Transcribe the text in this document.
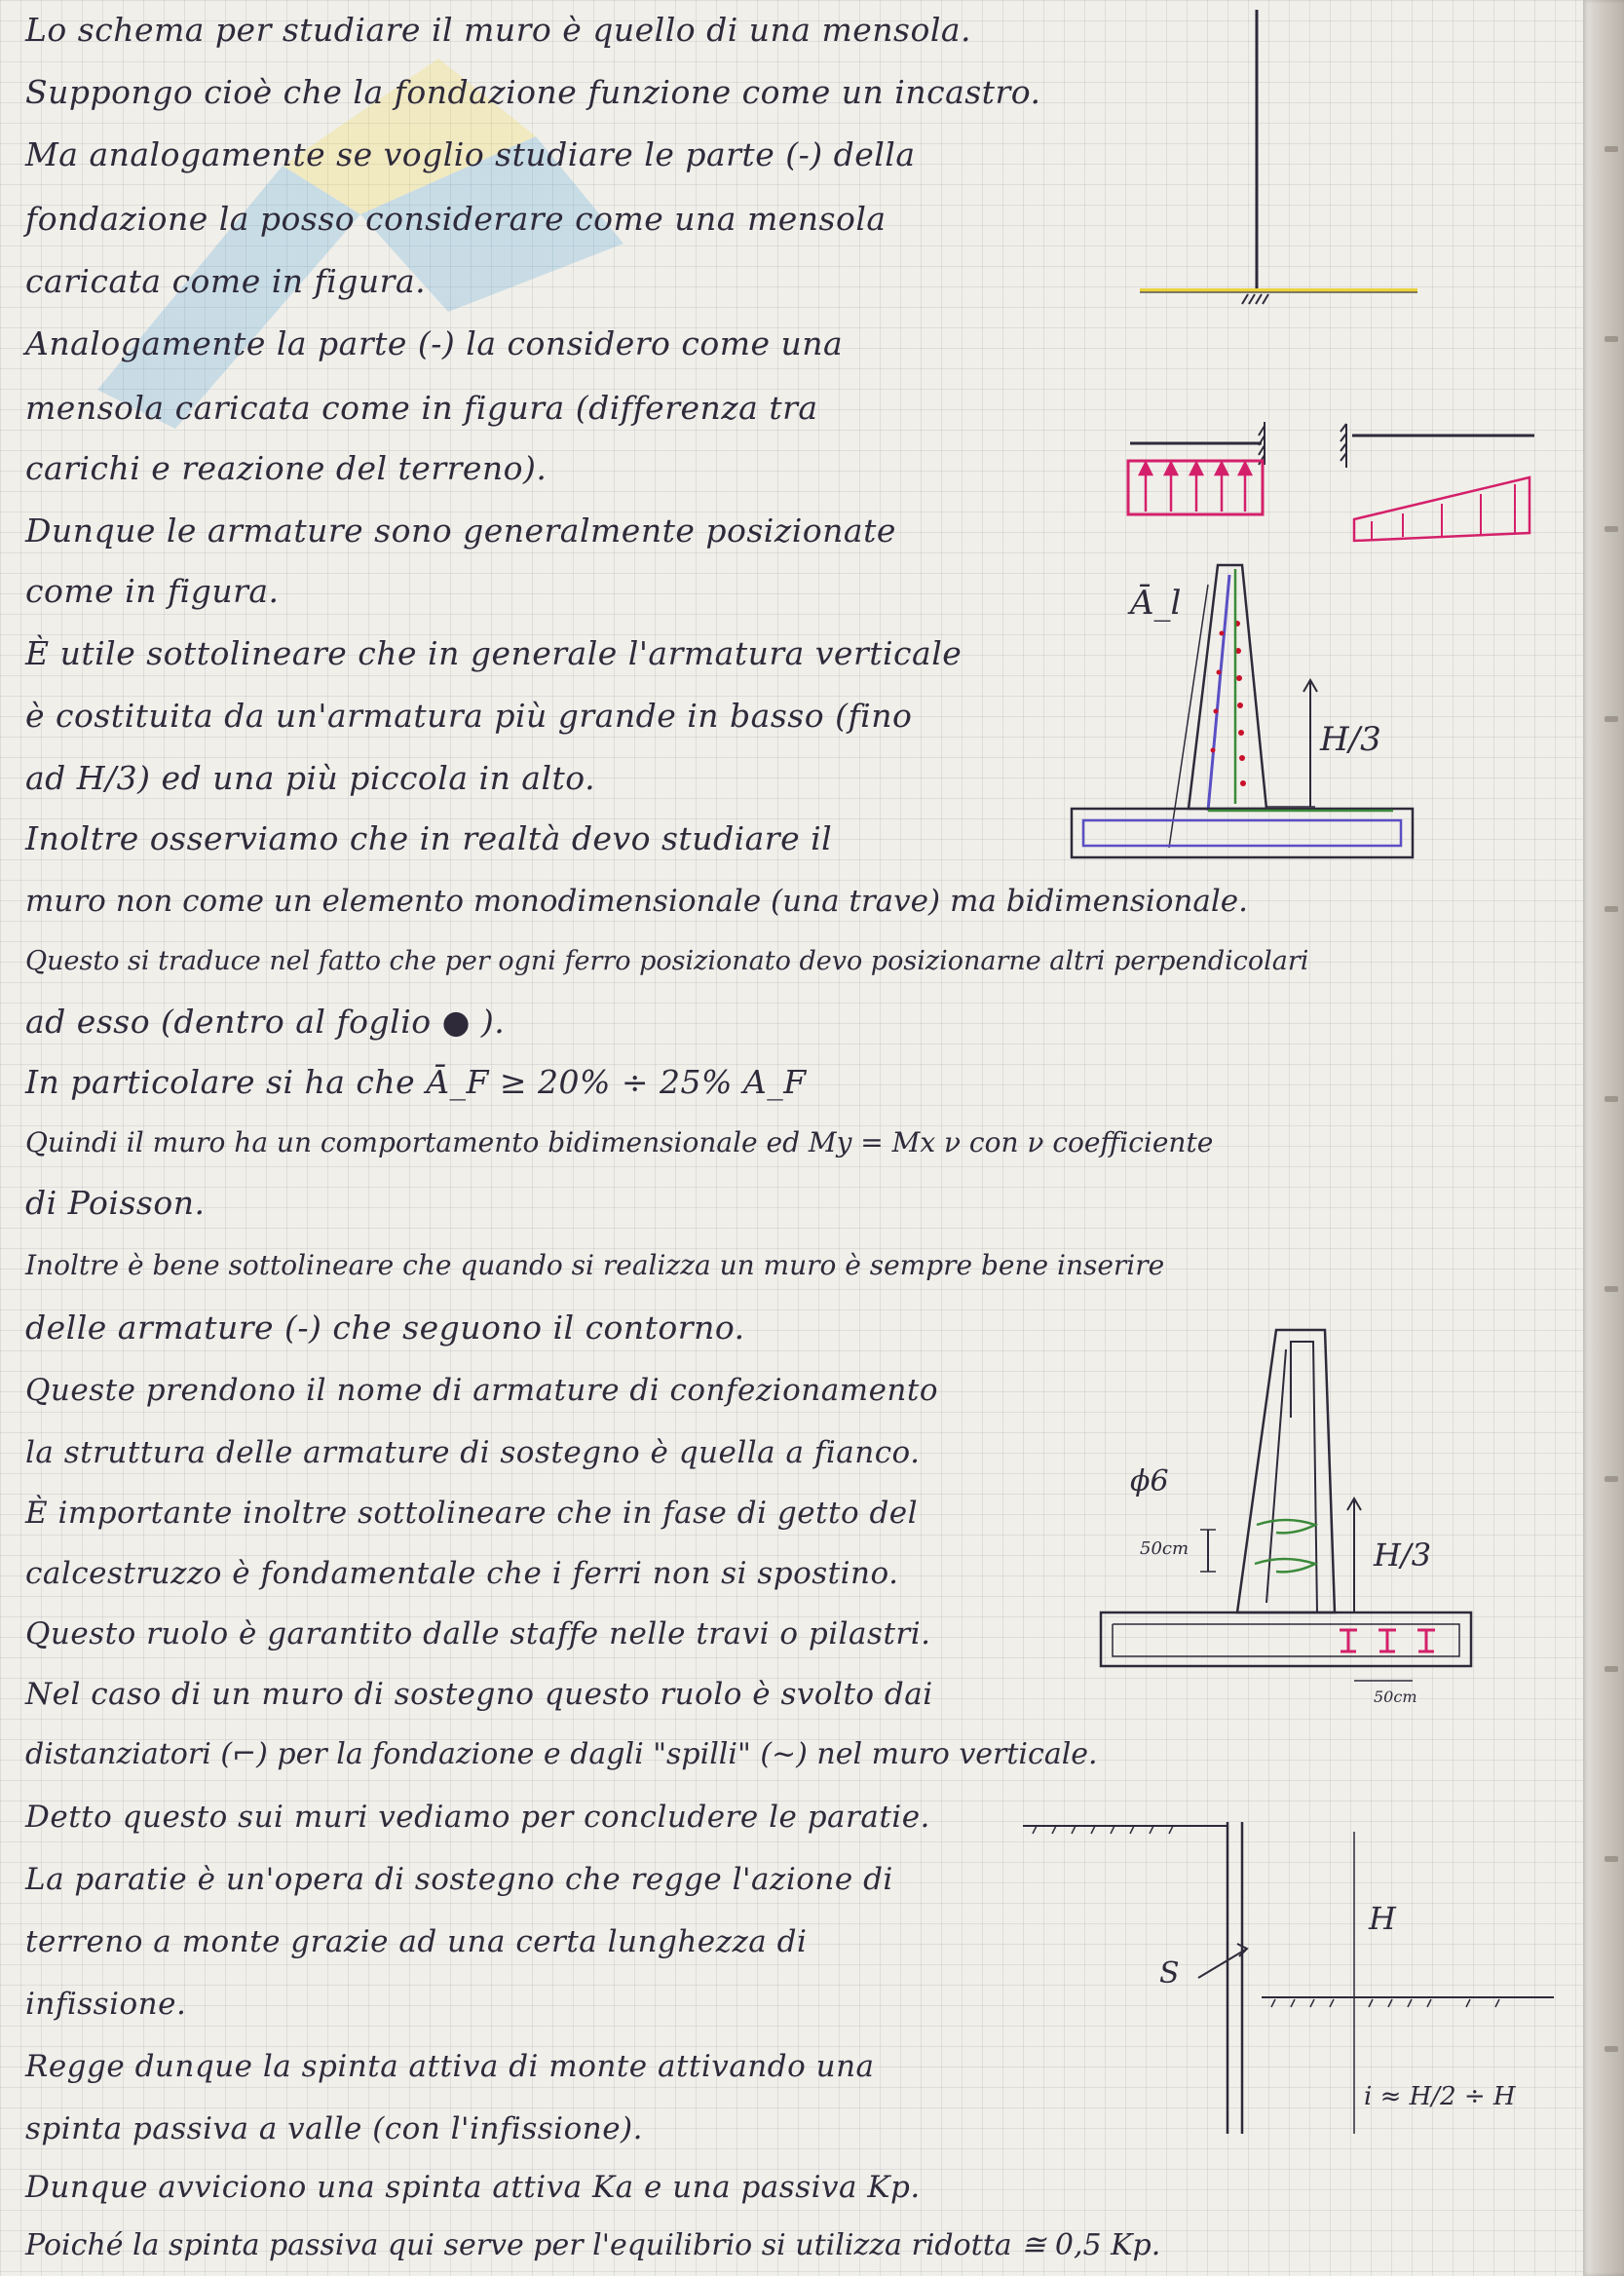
Lo schema per studiare il muro è quello di una mensola.
Suppongo cioè che la fondazione funzione come un incastro.
Ma analogamente se voglio studiare le parte (-) della
fondazione la posso considerare come una mensola
caricata come in figura.
Analogamente la parte (-) la considero come una
mensola caricata come in figura (differenza tra
carichi e reazione del terreno).
Dunque le armature sono generalmente posizionate
come in figura.
È utile sottolineare che in generale l'armatura verticale
è costituita da un'armatura più grande in basso (fino
ad H/3) ed una più piccola in alto.
Inoltre osserviamo che in realtà devo studiare il
muro non come un elemento monodimensionale (una trave) ma bidimensionale.
Questo si traduce nel fatto che per ogni ferro posizionato devo posizionarne altri perpendicolari
ad esso (dentro al foglio ● ).
In particolare si ha che Ā_F ≥ 20% ÷ 25% A_F
Quindi il muro ha un comportamento bidimensionale ed My = Mx ν con ν coefficiente
di Poisson.
Inoltre è bene sottolineare che quando si realizza un muro è sempre bene inserire
delle armature (-) che seguono il contorno.
Queste prendono il nome di armature di confezionamento
la struttura delle armature di sostegno è quella a fianco.
È importante inoltre sottolineare che in fase di getto del
calcestruzzo è fondamentale che i ferri non si spostino.
Questo ruolo è garantito dalle staffe nelle travi o pilastri.
Nel caso di un muro di sostegno questo ruolo è svolto dai
distanziatori (⌐) per la fondazione e dagli "spilli" (~) nel muro verticale.
Detto questo sui muri vediamo per concludere le paratie.
La paratie è un'opera di sostegno che regge l'azione di
terreno a monte grazie ad una certa lunghezza di
infissione.
Regge dunque la spinta attiva di monte attivando una
spinta passiva a valle (con l'infissione).
Dunque avviciono una spinta attiva Ka e una passiva Kp.
Poiché la spinta passiva qui serve per l'equilibrio si utilizza ridotta ≅ 0,5 Kp.
Ā_l
H/3
ϕ6
50cm	H/3
50cm
S
H
i ≈ H/2 ÷ H
